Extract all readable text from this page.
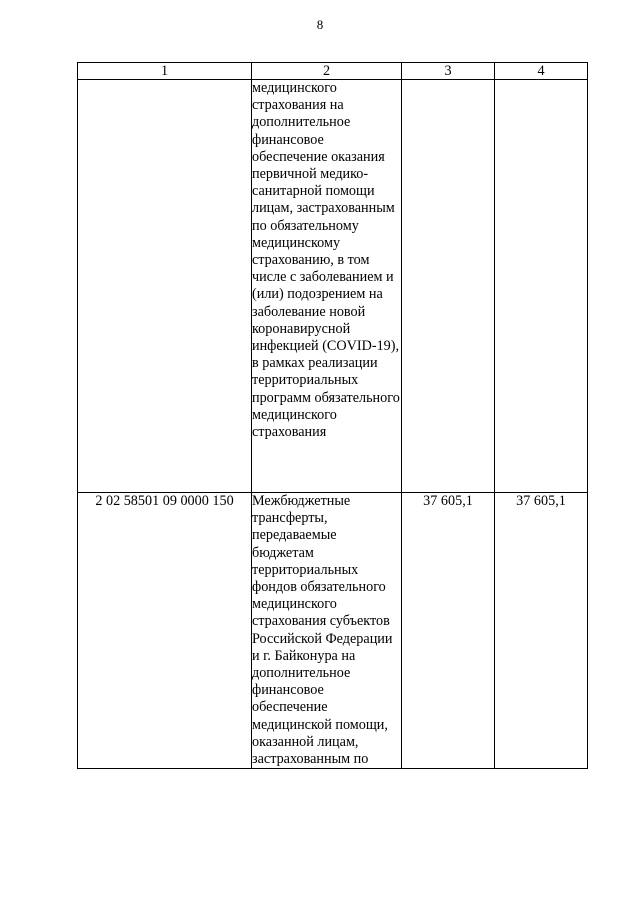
8
1	2	3	4

	медицинского страхования на дополнительное финансовое обеспечение оказания первичной медико-санитарной помощи лицам, застрахованным по обязательному медицинскому страхованию, в том числе с заболеванием и (или) подозрением на заболевание новой коронавирусной инфекцией (COVID-19), в рамках реализации территориальных программ обязательного медицинского страхования		

2 02 58501 09 0000 150	Межбюджетные трансферты, передаваемые бюджетам территориальных фондов обязательного медицинского страхования субъектов Российской Федерации и г. Байконура на дополнительное финансовое обеспечение медицинской помощи, оказанной лицам, застрахованным по	37 605,1	37 605,1
